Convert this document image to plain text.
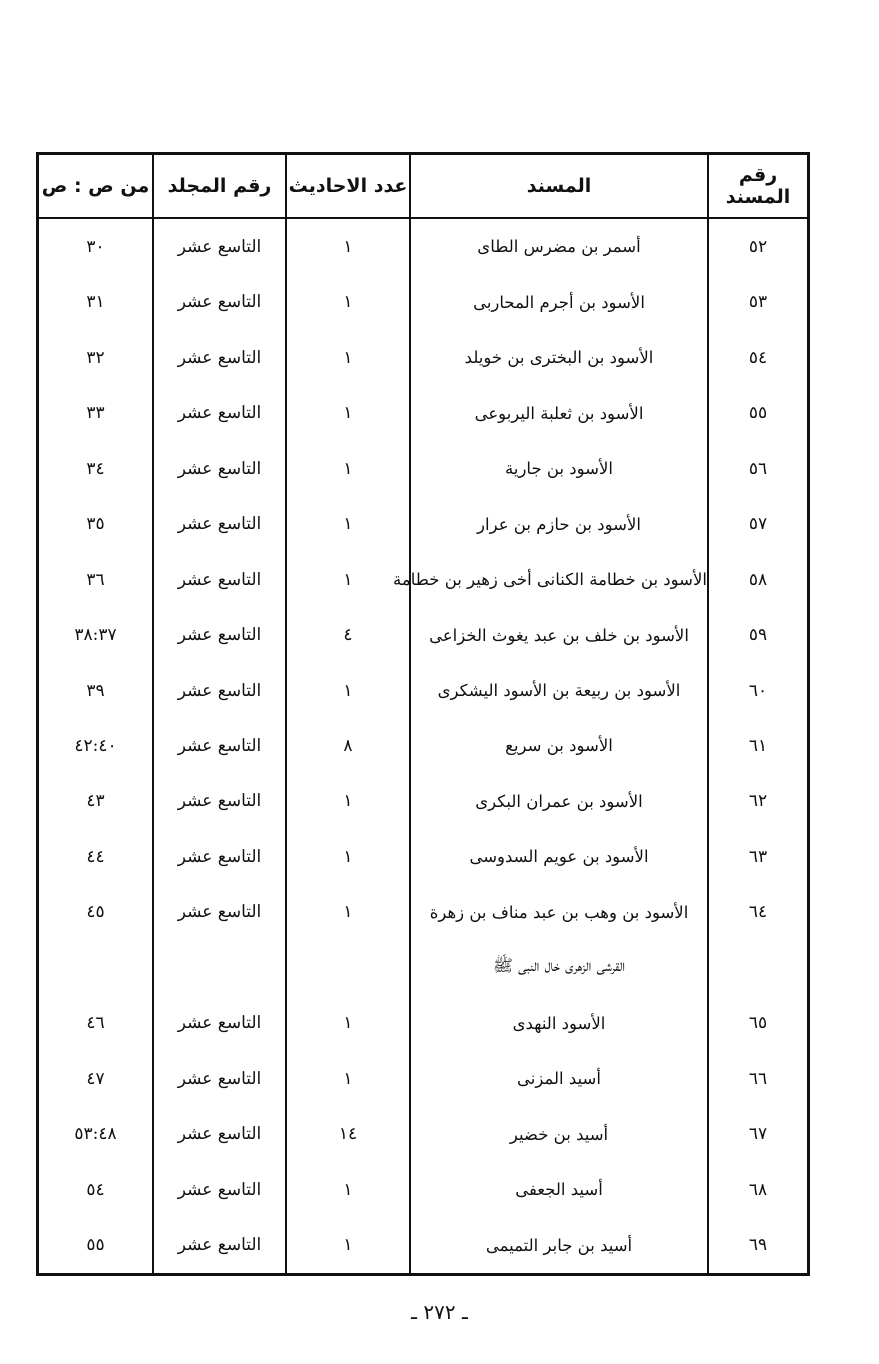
رقم المسند	المسند	عدد الاحاديث	رقم المجلد	من ص : ص
٥٢	أسمر بن مضرس الطاى	١	التاسع عشر	٣٠
٥٣	الأسود بن أجرم المحاربى	١	التاسع عشر	٣١
٥٤	الأسود بن البخترى بن خويلد	١	التاسع عشر	٣٢
٥٥	الأسود بن ثعلبة اليربوعى	١	التاسع عشر	٣٣
٥٦	الأسود بن جارية	١	التاسع عشر	٣٤
٥٧	الأسود بن حازم بن عرار	١	التاسع عشر	٣٥
٥٨	الأسود بن خطامة الكنانى أخى زهير بن خطامة	١	التاسع عشر	٣٦
٥٩	الأسود بن خلف بن عبد يغوث الخزاعى	٤	التاسع عشر	٣٨:٣٧
٦٠	الأسود بن ربيعة بن الأسود اليشكرى	١	التاسع عشر	٣٩
٦١	الأسود بن سريع	٨	التاسع عشر	٤٢:٤٠
٦٢	الأسود بن عمران البكرى	١	التاسع عشر	٤٣
٦٣	الأسود بن عويم السدوسى	١	التاسع عشر	٤٤
٦٤	الأسود بن وهب بن عبد مناف بن زهرة	١	التاسع عشر	٤٥
	القرشى الزهرى خال النبى ﷺ			
٦٥	الأسود النهدى	١	التاسع عشر	٤٦
٦٦	أسيد المزنى	١	التاسع عشر	٤٧
٦٧	أسيد بن خضير	١٤	التاسع عشر	٥٣:٤٨
٦٨	أسيد الجعفى	١	التاسع عشر	٥٤
٦٩	أسيد بن جابر التميمى	١	التاسع عشر	٥٥
ـ ٢٧٢ ـ
